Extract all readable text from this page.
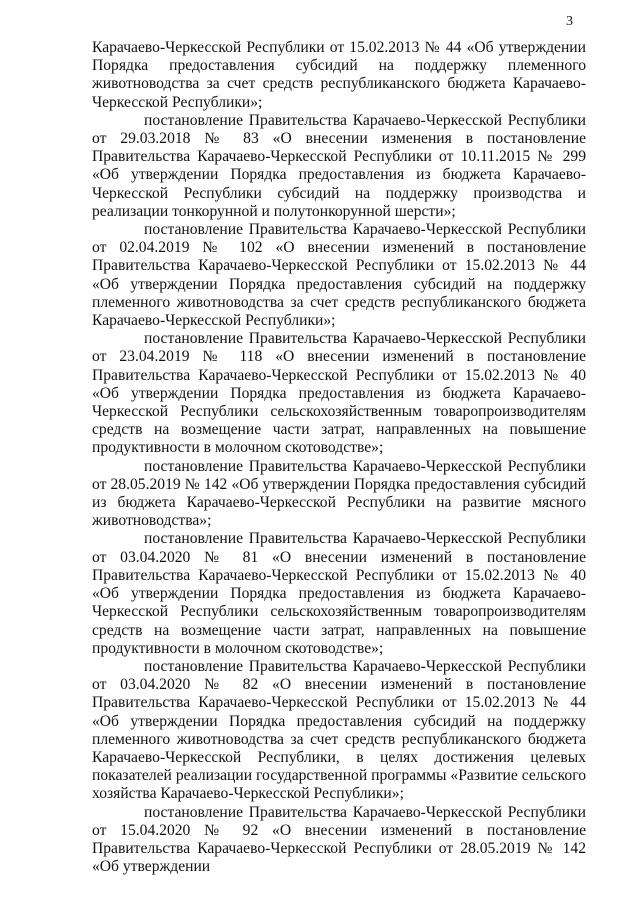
3

Карачаево-Черкесской Республики от 15.02.2013 № 44 «Об утверждении Порядка предоставления субсидий на поддержку племенного животноводства за счет средств республиканского бюджета Карачаево-Черкесской Республики»;

постановление Правительства Карачаево-Черкесской Республики от 29.03.2018 № 83 «О внесении изменения в постановление Правительства Карачаево-Черкесской Республики от 10.11.2015 № 299 «Об утверждении Порядка предоставления из бюджета Карачаево-Черкесской Республики субсидий на поддержку производства и реализации тонкорунной и полутонкорунной шерсти»;

постановление Правительства Карачаево-Черкесской Республики от 02.04.2019 № 102 «О внесении изменений в постановление Правительства Карачаево-Черкесской Республики от 15.02.2013 № 44 «Об утверждении Порядка предоставления субсидий на поддержку племенного животноводства за счет средств республиканского бюджета Карачаево-Черкесской Республики»;

постановление Правительства Карачаево-Черкесской Республики от 23.04.2019 № 118 «О внесении изменений в постановление Правительства Карачаево-Черкесской Республики от 15.02.2013 № 40 «Об утверждении Порядка предоставления из бюджета Карачаево-Черкесской Республики сельскохозяйственным товаропроизводителям средств на возмещение части затрат, направленных на повышение продуктивности в молочном скотоводстве»;

постановление Правительства Карачаево-Черкесской Республики от 28.05.2019 № 142 «Об утверждении Порядка предоставления субсидий из бюджета Карачаево-Черкесской Республики на развитие мясного животноводства»;

постановление Правительства Карачаево-Черкесской Республики от 03.04.2020 № 81 «О внесении изменений в постановление Правительства Карачаево-Черкесской Республики от 15.02.2013 № 40 «Об утверждении Порядка предоставления из бюджета Карачаево-Черкесской Республики сельскохозяйственным товаропроизводителям средств на возмещение части затрат, направленных на повышение продуктивности в молочном скотоводстве»;

постановление Правительства Карачаево-Черкесской Республики от 03.04.2020 № 82 «О внесении изменений в постановление Правительства Карачаево-Черкесской Республики от 15.02.2013 № 44 «Об утверждении Порядка предоставления субсидий на поддержку племенного животноводства за счет средств республиканского бюджета Карачаево-Черкесской Республики, в целях достижения целевых показателей реализации государственной программы «Развитие сельского хозяйства Карачаево-Черкесской Республики»;

постановление Правительства Карачаево-Черкесской Республики от 15.04.2020 № 92 «О внесении изменений в постановление Правительства Карачаево-Черкесской Республики от 28.05.2019 № 142 «Об утверждении
